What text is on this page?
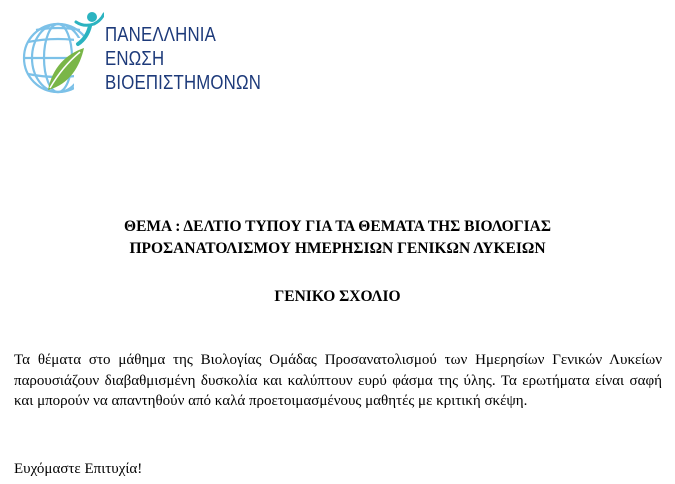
ΠΑΝΕΛΛΗΝΙΑ
ΕΝΩΣΗ
ΒΙΟΕΠΙΣΤΗΜΟΝΩΝ
ΘΕΜΑ : ΔΕΛΤΙΟ ΤΥΠΟΥ ΓΙΑ ΤΑ ΘΕΜΑΤΑ ΤΗΣ ΒΙΟΛΟΓΙΑΣ
ΠΡΟΣΑΝΑΤΟΛΙΣΜΟΥ ΗΜΕΡΗΣΙΩΝ ΓΕΝΙΚΩΝ ΛΥΚΕΙΩΝ
ΓΕΝΙΚΟ ΣΧΟΛΙΟ
Τα θέματα στο μάθημα της Βιολογίας Ομάδας Προσανατολισμού των Ημερησίων Γενικών Λυκείων παρουσιάζουν διαβαθμισμένη δυσκολία και καλύπτουν ευρύ φάσμα της ύλης. Τα ερωτήματα είναι σαφή και μπορούν να απαντηθούν από καλά προετοιμασμένους μαθητές με κριτική σκέψη.
Ευχόμαστε Επιτυχία!
